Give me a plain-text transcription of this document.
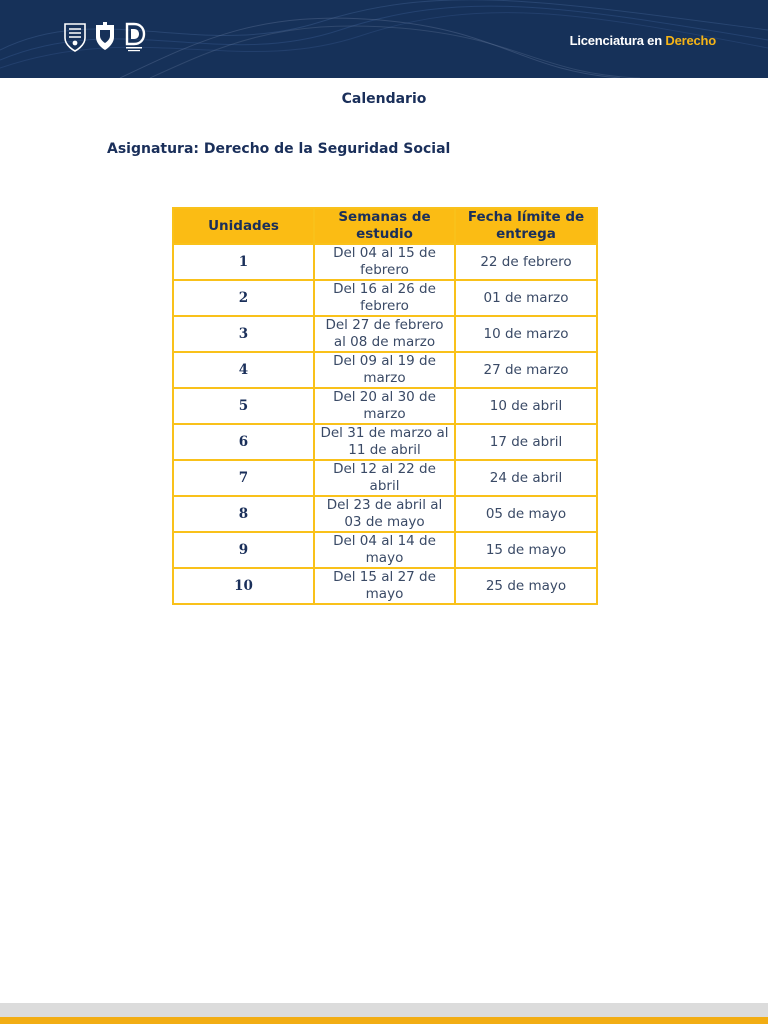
Licenciatura en Derecho
Calendario
Asignatura: Derecho de la Seguridad Social
Unidades	Semanas de estudio	Fecha límite de entrega
1	Del 04 al 15 de febrero	22 de febrero
2	Del 16 al 26 de febrero	01 de marzo
3	Del 27 de febrero al 08 de marzo	10 de marzo
4	Del 09 al 19 de marzo	27 de marzo
5	Del 20 al 30 de marzo	10 de abril
6	Del 31 de marzo al 11 de abril	17 de abril
7	Del 12 al 22 de abril	24 de abril
8	Del 23 de abril al 03 de mayo	05 de mayo
9	Del 04 al 14 de mayo	15 de mayo
10	Del 15 al 27 de mayo	25 de mayo
